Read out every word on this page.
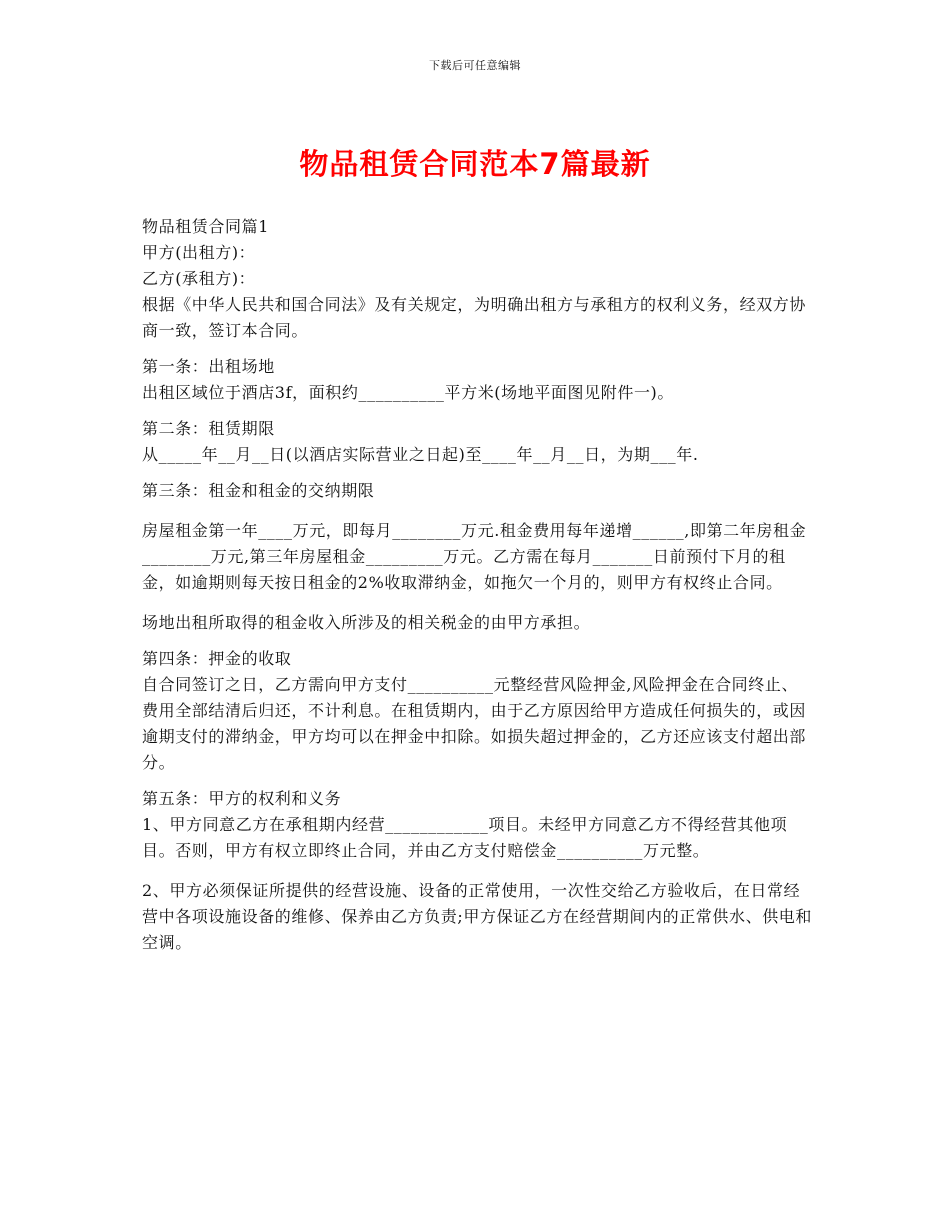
下载后可任意编辑
物品租赁合同范本7篇最新

物品租赁合同篇1

甲方(出租方)：

乙方(承租方)：

根据《中华人民共和国合同法》及有关规定，为明确出租方与承租方的权利义务，经双方协商一致，签订本合同。

第一条：出租场地

出租区域位于酒店3f，面积约__________平方米(场地平面图见附件一)。

第二条：租赁期限

从_____年__月__日(以酒店实际营业之日起)至____年__月__日，为期___年.

第三条：租金和租金的交纳期限

房屋租金第一年____万元，即每月________万元.租金费用每年递增______,即第二年房租金________万元,第三年房屋租金_________万元。乙方需在每月_______日前预付下月的租金，如逾期则每天按日租金的2%收取滞纳金，如拖欠一个月的，则甲方有权终止合同。

场地出租所取得的租金收入所涉及的相关税金的由甲方承担。

第四条：押金的收取

自合同签订之日，乙方需向甲方支付__________元整经营风险押金,风险押金在合同终止、费用全部结清后归还，不计利息。在租赁期内，由于乙方原因给甲方造成任何损失的，或因逾期支付的滞纳金，甲方均可以在押金中扣除。如损失超过押金的，乙方还应该支付超出部分。

第五条：甲方的权利和义务

1、甲方同意乙方在承租期内经营____________项目。未经甲方同意乙方不得经营其他项目。否则，甲方有权立即终止合同，并由乙方支付赔偿金__________万元整。

2、甲方必须保证所提供的经营设施、设备的正常使用，一次性交给乙方验收后，在日常经营中各项设施设备的维修、保养由乙方负责;甲方保证乙方在经营期间内的正常供水、供电和空调。
